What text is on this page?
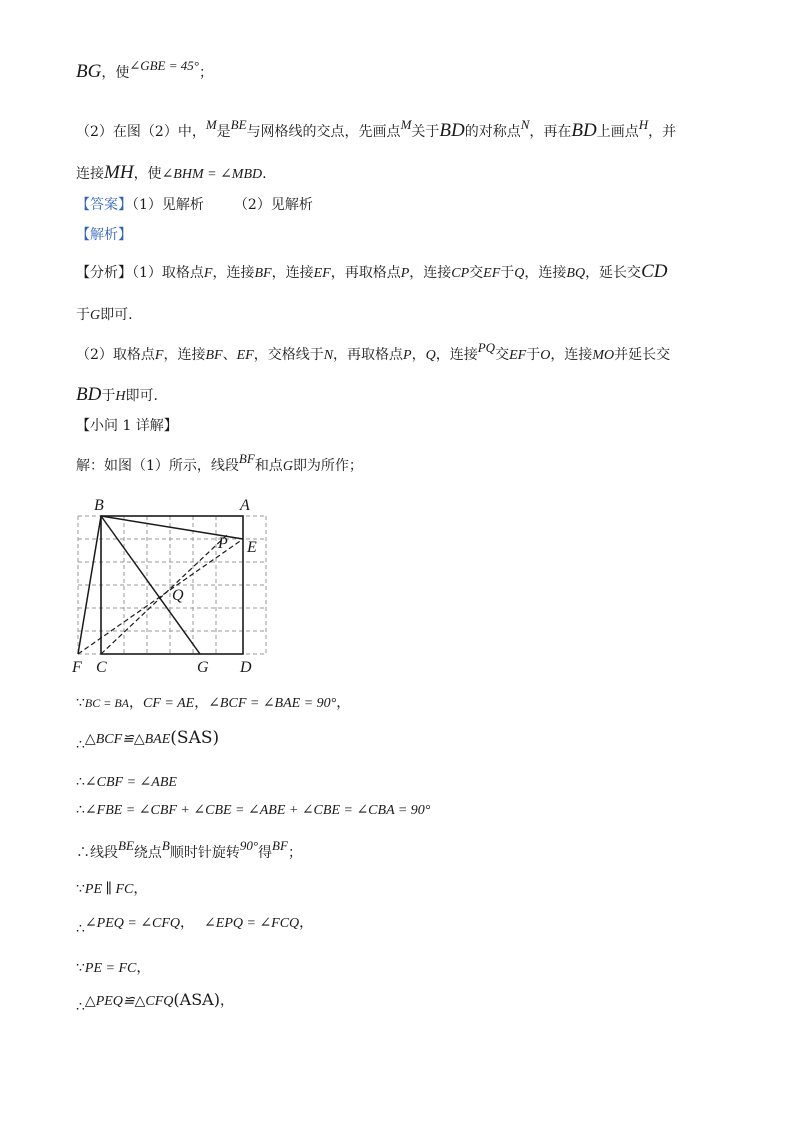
BG，使∠GBE = 45°；
（2）在图（2）中，M是BE与网格线的交点，先画点M关于BD的对称点N，再在BD上画点H，并
连接MH，使∠BHM = ∠MBD.
【答案】（1）见解析 （2）见解析
【解析】
【分析】（1）取格点F，连接BF，连接EF，再取格点P，连接CP交EF于Q，连接BQ，延长交CD
于G即可.
（2）取格点F，连接BF、EF，交格线于N，再取格点P，Q，连接PQ交EF于O，连接MO并延长交
BD于H即可.
【小问 1 详解】
解：如图（1）所示，线段BF和点G即为所作；
B	A
P E
Q
F C	G D
∵BC = BA，CF = AE，∠BCF = ∠BAE = 90°，
∴△BCF≌△BAE(SAS)
∴∠CBF = ∠ABE
∴∠FBE = ∠CBF + ∠CBE = ∠ABE + ∠CBE = ∠CBA = 90°
∴线段BE绕点B顺时针旋转90°得BF；
∵PE ∥ FC，
∴∠PEQ = ∠CFQ， ∠EPQ = ∠FCQ，
∵PE = FC，
∴△PEQ≌△CFQ(ASA)，
